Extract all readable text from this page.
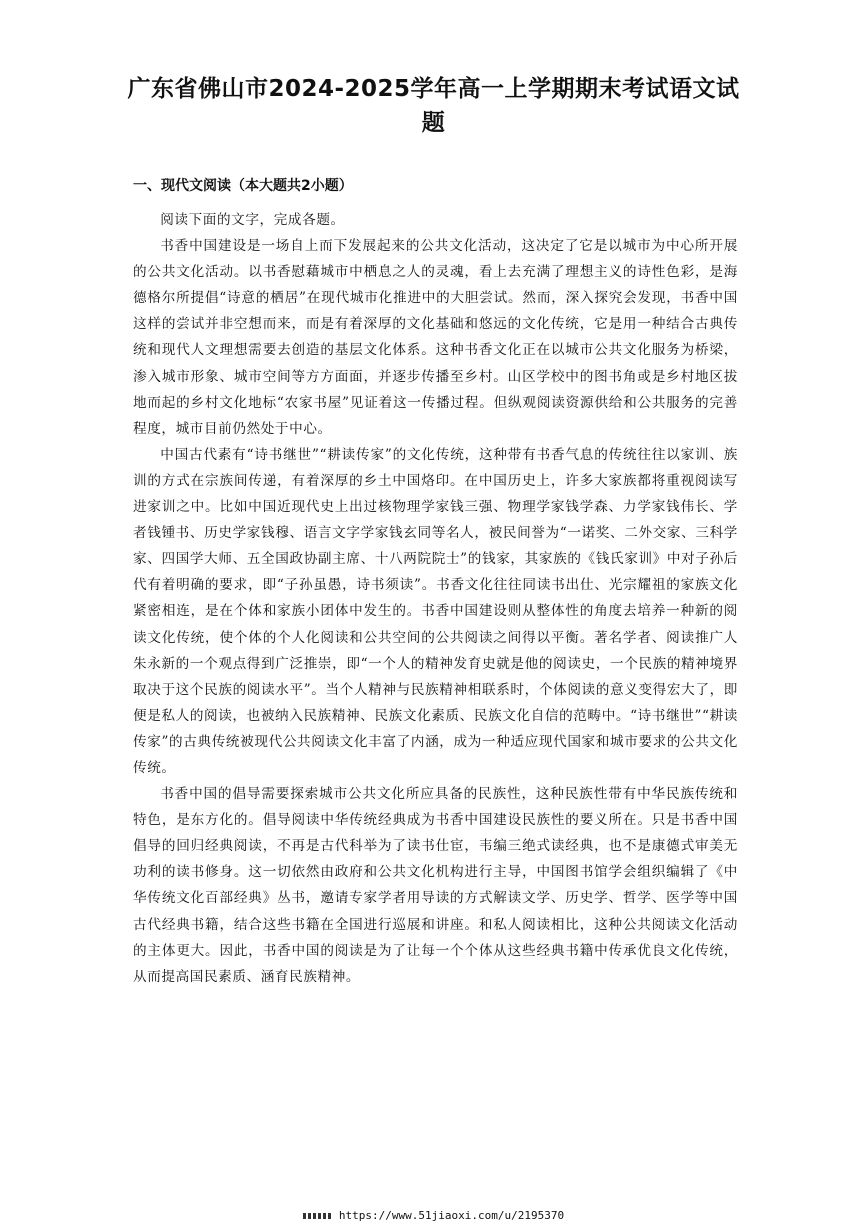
广东省佛山市2024-2025学年高一上学期期末考试语文试题
一、现代文阅读（本大题共2小题）

阅读下面的文字，完成各题。

书香中国建设是一场自上而下发展起来的公共文化活动，这决定了它是以城市为中心所开展的公共文化活动。以书香慰藉城市中栖息之人的灵魂，看上去充满了理想主义的诗性色彩，是海德格尔所提倡“诗意的栖居”在现代城市化推进中的大胆尝试。然而，深入探究会发现，书香中国这样的尝试并非空想而来，而是有着深厚的文化基础和悠远的文化传统，它是用一种结合古典传统和现代人文理想需要去创造的基层文化体系。这种书香文化正在以城市公共文化服务为桥梁，渗入城市形象、城市空间等方方面面，并逐步传播至乡村。山区学校中的图书角或是乡村地区拔地而起的乡村文化地标“农家书屋”见证着这一传播过程。但纵观阅读资源供给和公共服务的完善程度，城市目前仍然处于中心。

中国古代素有“诗书继世”“耕读传家”的文化传统，这种带有书香气息的传统往往以家训、族训的方式在宗族间传递，有着深厚的乡土中国烙印。在中国历史上，许多大家族都将重视阅读写进家训之中。比如中国近现代史上出过核物理学家钱三强、物理学家钱学森、力学家钱伟长、学者钱锺书、历史学家钱穆、语言文字学家钱玄同等名人，被民间誉为“一诺奖、二外交家、三科学家、四国学大师、五全国政协副主席、十八两院院士”的钱家，其家族的《钱氏家训》中对子孙后代有着明确的要求，即“子孙虽愚，诗书须读”。书香文化往往同读书出仕、光宗耀祖的家族文化紧密相连，是在个体和家族小团体中发生的。书香中国建设则从整体性的角度去培养一种新的阅读文化传统，使个体的个人化阅读和公共空间的公共阅读之间得以平衡。著名学者、阅读推广人朱永新的一个观点得到广泛推崇，即“一个人的精神发育史就是他的阅读史，一个民族的精神境界取决于这个民族的阅读水平”。当个人精神与民族精神相联系时，个体阅读的意义变得宏大了，即便是私人的阅读，也被纳入民族精神、民族文化素质、民族文化自信的范畴中。“诗书继世”“耕读传家”的古典传统被现代公共阅读文化丰富了内涵，成为一种适应现代国家和城市要求的公共文化传统。

书香中国的倡导需要探索城市公共文化所应具备的民族性，这种民族性带有中华民族传统和特色，是东方化的。倡导阅读中华传统经典成为书香中国建设民族性的要义所在。只是书香中国倡导的回归经典阅读，不再是古代科举为了读书仕宦，韦编三绝式读经典，也不是康德式审美无功利的读书修身。这一切依然由政府和公共文化机构进行主导，中国图书馆学会组织编辑了《中华传统文化百部经典》丛书，邀请专家学者用导读的方式解读文学、历史学、哲学、医学等中国古代经典书籍，结合这些书籍在全国进行巡展和讲座。和私人阅读相比，这种公共阅读文化活动的主体更大。因此，书香中国的阅读是为了让每一个个体从这些经典书籍中传承优良文化传统，从而提高国民素质、涵育民族精神。

https://www.51jiaoxi.com/u/2195370
